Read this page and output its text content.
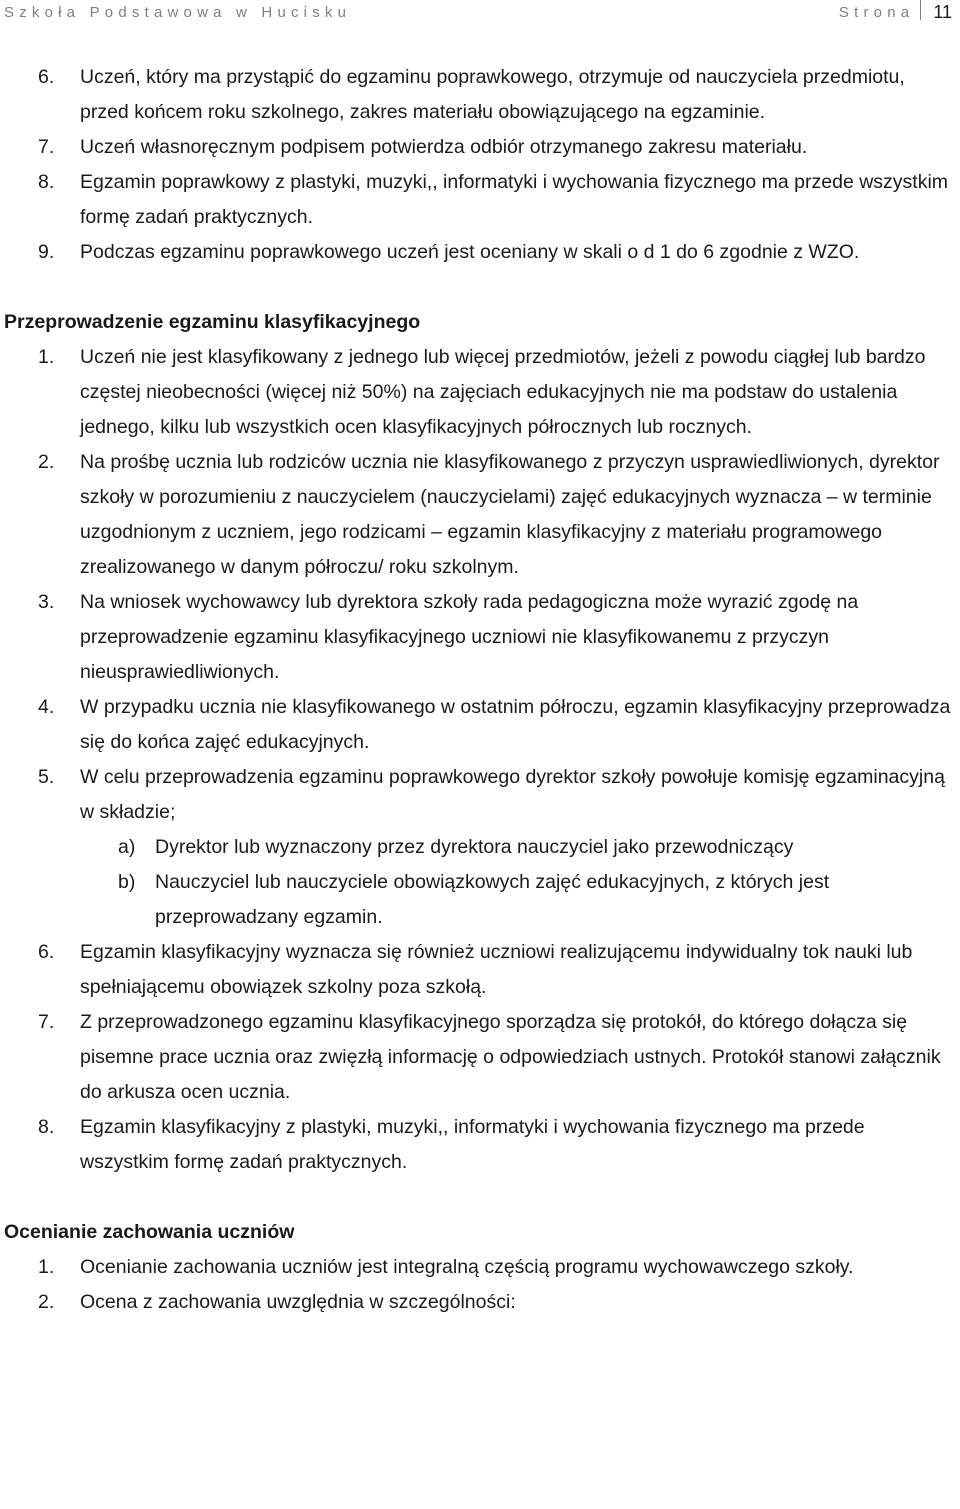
Szkoła Podstawowa w Hucisku	Strona 11
6. Uczeń, który ma przystąpić do egzaminu poprawkowego, otrzymuje od nauczyciela przedmiotu, przed końcem roku szkolnego, zakres materiału obowiązującego na egzaminie.
7. Uczeń własnoręcznym podpisem potwierdza odbiór otrzymanego zakresu materiału.
8. Egzamin poprawkowy z plastyki, muzyki,, informatyki i wychowania fizycznego ma przede wszystkim formę zadań praktycznych.
9. Podczas egzaminu poprawkowego uczeń jest oceniany w skali o d 1 do 6 zgodnie z WZO.
Przeprowadzenie egzaminu klasyfikacyjnego
1. Uczeń nie jest klasyfikowany z jednego lub więcej przedmiotów, jeżeli z powodu ciągłej lub bardzo częstej nieobecności (więcej niż 50%) na zajęciach edukacyjnych nie ma podstaw do ustalenia jednego, kilku lub wszystkich ocen klasyfikacyjnych półrocznych lub rocznych.
2. Na prośbę ucznia lub rodziców ucznia nie klasyfikowanego z przyczyn usprawiedliwionych, dyrektor szkoły w porozumieniu z nauczycielem (nauczycielami) zajęć edukacyjnych wyznacza – w terminie uzgodnionym z uczniem, jego rodzicami – egzamin klasyfikacyjny z materiału programowego zrealizowanego w danym półroczu/ roku szkolnym.
3. Na wniosek wychowawcy lub dyrektora szkoły rada pedagogiczna może wyrazić zgodę na przeprowadzenie egzaminu klasyfikacyjnego uczniowi nie klasyfikowanemu z przyczyn nieusprawiedliwionych.
4. W przypadku ucznia nie klasyfikowanego w ostatnim półroczu, egzamin klasyfikacyjny przeprowadza się do końca zajęć edukacyjnych.
5. W celu przeprowadzenia egzaminu poprawkowego dyrektor szkoły powołuje komisję egzaminacyjną w składzie;
a) Dyrektor lub wyznaczony przez dyrektora nauczyciel jako przewodniczący
b) Nauczyciel lub nauczyciele obowiązkowych zajęć edukacyjnych, z których jest przeprowadzany egzamin.
6. Egzamin klasyfikacyjny wyznacza się również uczniowi realizującemu indywidualny tok nauki lub spełniającemu obowiązek szkolny poza szkołą.
7. Z przeprowadzonego egzaminu klasyfikacyjnego sporządza się protokół, do którego dołącza się pisemne prace ucznia oraz zwięzłą informację o odpowiedziach ustnych. Protokół stanowi załącznik do arkusza ocen ucznia.
8. Egzamin klasyfikacyjny z plastyki, muzyki,, informatyki i wychowania fizycznego ma przede wszystkim formę zadań praktycznych.
Ocenianie zachowania uczniów
1. Ocenianie zachowania uczniów jest integralną częścią programu wychowawczego szkoły.
2. Ocena z zachowania uwzględnia w szczególności:
